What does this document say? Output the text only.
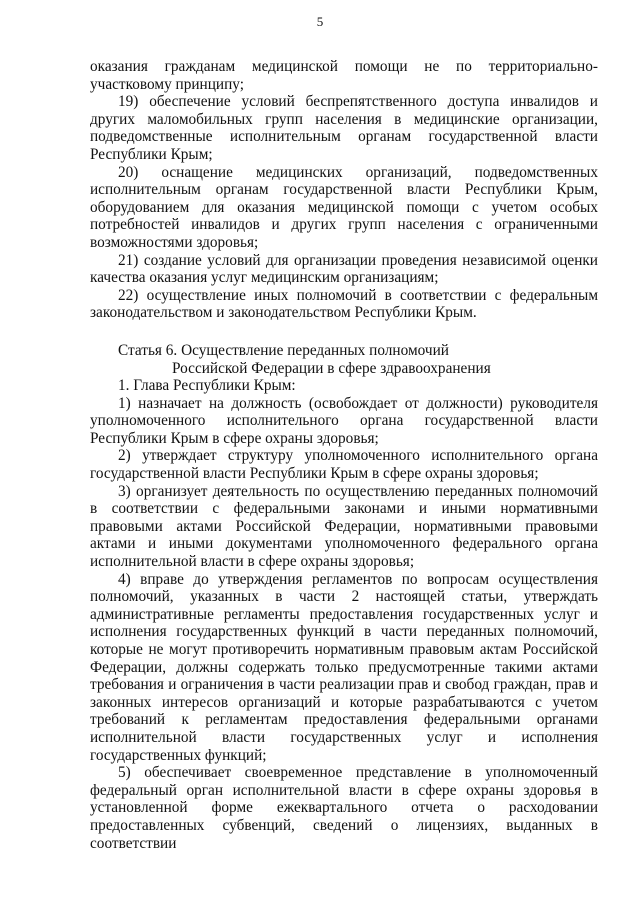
5

оказания гражданам медицинской помощи не по территориально-участковому принципу;

19) обеспечение условий беспрепятственного доступа инвалидов и других маломобильных групп населения в медицинские организации, подведомственные исполнительным органам государственной власти Республики Крым;

20) оснащение медицинских организаций, подведомственных исполнительным органам государственной власти Республики Крым, оборудованием для оказания медицинской помощи с учетом особых потребностей инвалидов и других групп населения с ограниченными возможностями здоровья;

21) создание условий для организации проведения независимой оценки качества оказания услуг медицинским организациям;

22) осуществление иных полномочий в соответствии с федеральным законодательством и законодательством Республики Крым.

Статья 6. Осуществление переданных полномочий
Российской Федерации в сфере здравоохранения

1. Глава Республики Крым:

1) назначает на должность (освобождает от должности) руководителя уполномоченного исполнительного органа государственной власти Республики Крым в сфере охраны здоровья;

2) утверждает структуру уполномоченного исполнительного органа государственной власти Республики Крым в сфере охраны здоровья;

3) организует деятельность по осуществлению переданных полномочий в соответствии с федеральными законами и иными нормативными правовыми актами Российской Федерации, нормативными правовыми актами и иными документами уполномоченного федерального органа исполнительной власти в сфере охраны здоровья;

4) вправе до утверждения регламентов по вопросам осуществления полномочий, указанных в части 2 настоящей статьи, утверждать административные регламенты предоставления государственных услуг и исполнения государственных функций в части переданных полномочий, которые не могут противоречить нормативным правовым актам Российской Федерации, должны содержать только предусмотренные такими актами требования и ограничения в части реализации прав и свобод граждан, прав и законных интересов организаций и которые разрабатываются с учетом требований к регламентам предоставления федеральными органами исполнительной власти государственных услуг и исполнения государственных функций;

5) обеспечивает своевременное представление в уполномоченный федеральный орган исполнительной власти в сфере охраны здоровья в установленной форме ежеквартального отчета о расходовании предоставленных субвенций, сведений о лицензиях, выданных в соответствии
